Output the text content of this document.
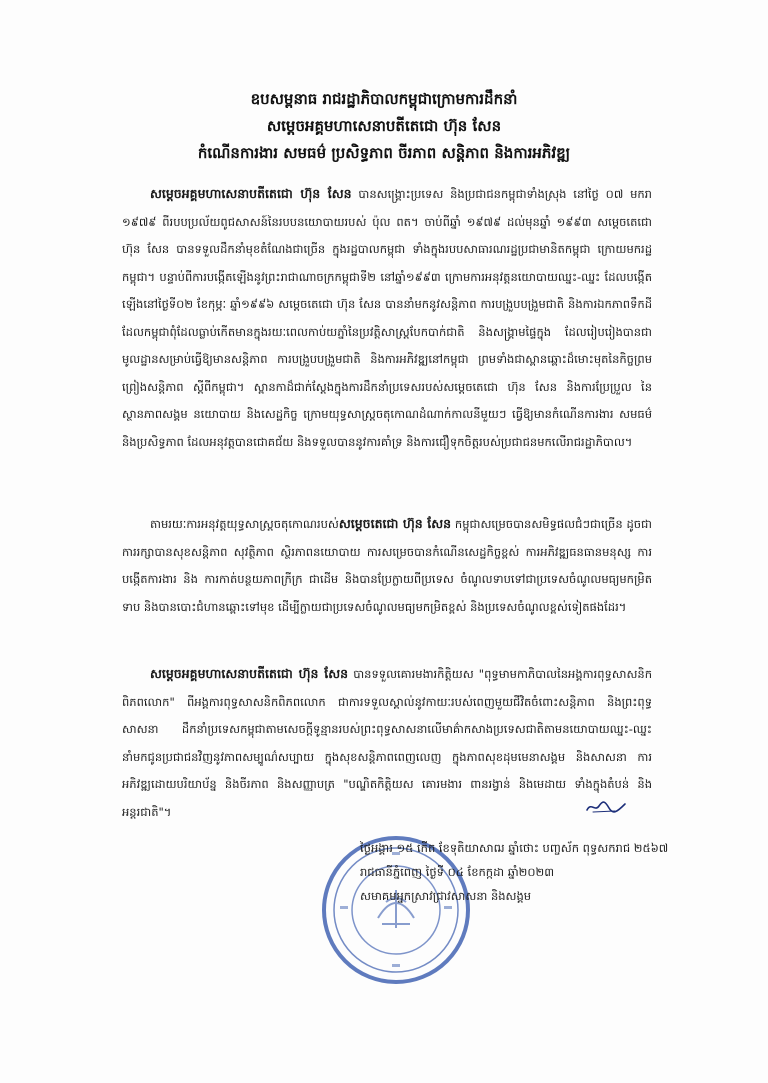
ឧបសម្ពនាធ រាជរដ្ឋាភិបាលកម្ពុជាក្រោមការដឹកនាំ
សម្តេចអគ្គមហាសេនាបតីតេជោ ហ៊ុន សែន
កំណើនការងារ សមធម៌ ប្រសិទ្ធភាព ចីរភាព សន្តិភាព និងការអភិវឌ្ឍ

សម្តេចអគ្គមហាសេនាបតីតេជោ ហ៊ុន សែន បានសង្គ្រោះប្រទេស និងប្រជាជនកម្ពុជាទាំងស្រុង នៅថ្ងៃ ០៧ មករា ១៩៧៩ ពីរបបប្រល័យពូជសាសន៍នៃរបបនយោបាយរបស់ ប៉ុល ពត។ ចាប់ពីឆ្នាំ ១៩៧៩ ដល់មុនឆ្នាំ ១៩៩៣ សម្តេចតេជោ ហ៊ុន សែន បានទទួលដឹកនាំមុខតំណែងជាច្រើន ក្នុងរដ្ឋបាលកម្ពុជា ទាំងក្នុងរបបសាធារណរដ្ឋប្រជាមានិតកម្ពុជា ក្រោយមករដ្ឋកម្ពុជា។ បន្ទាប់ពីការបង្កើតឡើងនូវព្រះរាជាណាចក្រកម្ពុជាទី២ នៅឆ្នាំ១៩៩៣ ក្រោមការអនុវត្តនយោបាយឈ្នះ-ឈ្នះ ដែលបង្កើតឡើងនៅថ្ងៃទី០២ ខែកុម្ភៈ ឆ្នាំ១៩៩៦ សម្តេចតេជោ ហ៊ុន សែន បាននាំមកនូវសន្តិភាព ការបង្រួបបង្រួមជាតិ និងការឯកភាពទឹកដី ដែលកម្ពុជាពុំដែលធ្លាប់កើតមានក្នុងរយៈពេលកាប់យភ្នាំនៃប្រវត្តិសាស្ត្របែកបាក់ជាតិ និងសង្គ្រាមផ្ទៃក្នុង ដែលរៀបរៀងបានជាមូលដ្ឋានសម្រាប់ធ្វើឱ្យមានសន្តិភាព ការបង្រួបបង្រួមជាតិ និងការអភិវឌ្ឍនៅកម្ពុជា ព្រមទាំងជាស្ពានឆ្ពោះដ៏មោះមុតនៃកិច្ចព្រមព្រៀងសន្តិភាព ស្តីពីកម្ពុជា។ ស្ពានកាដ៏ជាក់ស្តែងក្នុងការដឹកនាំប្រទេសរបស់សម្តេចតេជោ ហ៊ុន សែន និងការប្រែប្រួល នៃស្ថានភាពសង្គម នយោបាយ និងសេដ្ឋកិច្ច ក្រោមយុទ្ធសាស្ត្រចតុកោណដំណាក់កាលនីមួយៗ ធ្វើឱ្យមានកំណើនការងារ សមធម៌ និងប្រសិទ្ធភាព ដែលអនុវត្តបានជោគជ័យ និងទទួលបាននូវការគាំទ្រ និងការជឿទុកចិត្តរបស់ប្រជាជនមកលើរាជរដ្ឋាភិបាល។

តាមរយៈការអនុវត្តយុទ្ធសាស្ត្រចតុកោណរបស់សម្តេចតេជោ ហ៊ុន សែន កម្ពុជាសម្រេចបានសមិទ្ធផលជំៗជាច្រើន ដូចជា ការរក្សាបានសុខសន្តិភាព សុវត្ថិភាព ស្ថិរភាពនយោបាយ ការសម្រេចបានកំណើនសេដ្ឋកិច្ចខ្ពស់ ការអភិវឌ្ឍធនធានមនុស្ស ការបង្កើតការងារ និង ការកាត់បន្ថយភាពក្រីក្រ ជាដើម និងបានប្រែក្លាយពីប្រទេស ចំណូលទាបទៅជាប្រទេសចំណូលមធ្យមកម្រិតទាប និងបានបោះជំហានឆ្ពោះទៅមុខ ដើម្បីក្លាយជាប្រទេសចំណូលមធ្យមកម្រិតខ្ពស់ និងប្រទេសចំណូលខ្ពស់ទៀតផងដែរ។

សម្តេចអគ្គមហាសេនាបតីតេជោ ហ៊ុន សែន បានទទួលគោរមងារកិត្តិយស "ពុទ្ធមាមកាភិបាលនៃអង្គការពុទ្ធសាសនិកពិភពលោក" ពីអង្គការពុទ្ធសាសនិកពិភពលោក ជាការទទួលស្គាល់នូវកាយៈរបស់ពេញមួយជីវិតចំពោះសន្តិភាព និងព្រះពុទ្ធសាសនា ដឹកនាំប្រទេសកម្ពុជាតាមសេចក្តីទូន្មានរបស់ព្រះពុទ្ធសាសនាលើមាគ៌ាកសាងប្រទេសជាតិតាមនយោបាយឈ្នះ-ឈ្នះ នាំមកជូនប្រជាជនវិញនូវភាពសម្បូណ៌សប្បាយ ក្នុងសុខសន្តិភាពពេញលេញ ក្នុងភាពសុខដុមមេនាសង្គម និងសាសនា ការអភិវឌ្ឍដោយបរិយាប័ន្ន និងចីរភាព និងសញ្ញាបត្រ "បណ្ឌិតកិត្តិយស គោរមងារ ពានរង្វាន់ និងមេដាយ ទាំងក្នុងតំបន់ និងអន្តរជាតិ"។

ថ្ងៃអង្គារ ១៥ កើត ខែទុតិយាសាឍ ឆ្នាំថោះ បញ្ចស័ក ពុទ្ធសករាជ ២៥៦៧
រាជធានីភ្នំពេញ ថ្ងៃទី ០៤ ខែកក្កដា ឆ្នាំ២០២៣
សមាគមអ្នកស្រាវជ្រាវសាសនា និងសង្គម
